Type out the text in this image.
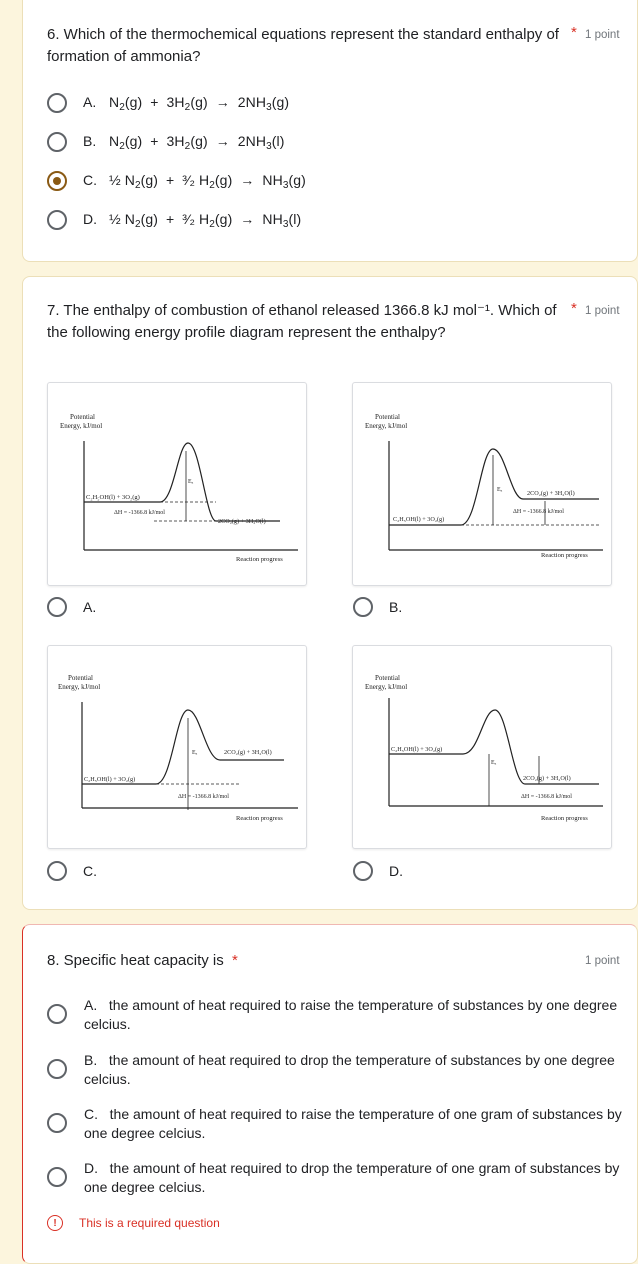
6. Which of the thermochemical equations represent the standard enthalpy of formation of ammonia?
* 1 point
A. $N_2(g) + 3H_2(g) \to 2NH_3(g)$
B. $N_2(g) + 3H_2(g) \to 2NH_3(l)$
C. ½ $N_2(g)$  +  ³⁄₂ $H_2(g) \to NH_3(g)$
D. ½ $N_2(g)$  +  ³⁄₂ $H_2(g) \to NH_3(l)$
7. The enthalpy of combustion of ethanol released 1366.8 kJ mol⁻¹. Which of the following energy profile diagram represent the enthalpy?
* 1 point
Potential
Energy, kJ/mol
C₂H₅OH(l) + 3O₂(g)
Eₐ
ΔH = -1366.8 kJ/mol
2CO₂(g) + 3H₂O(l)
Reaction progress
Potential
Energy, kJ/mol
C₂H₅OH(l) + 3O₂(g)
Eₐ	2CO₂(g) + 3H₂O(l)
ΔH = -1366.8 kJ/mol
Reaction progress
A.	B.
Potential
Energy, kJ/mol
C₂H₅OH(l) + 3O₂(g)
Eₐ	2CO₂(g) + 3H₂O(l)
ΔH = -1366.8 kJ/mol
Reaction progress
Potential
Energy, kJ/mol
C₂H₅OH(l) + 3O₂(g)
Eₐ
2CO₂(g) + 3H₂O(l)
ΔH = -1366.8 kJ/mol
Reaction progress
C.	D.
8. Specific heat capacity is *	1 point
A. the amount of heat required to raise the temperature of substances by one degree celcius.
B. the amount of heat required to drop the temperature of substances by one degree celcius.
C. the amount of heat required to raise the temperature of one gram of substances by one degree celcius.
D. the amount of heat required to drop the temperature of one gram of substances by one degree celcius.
!	This is a required question
